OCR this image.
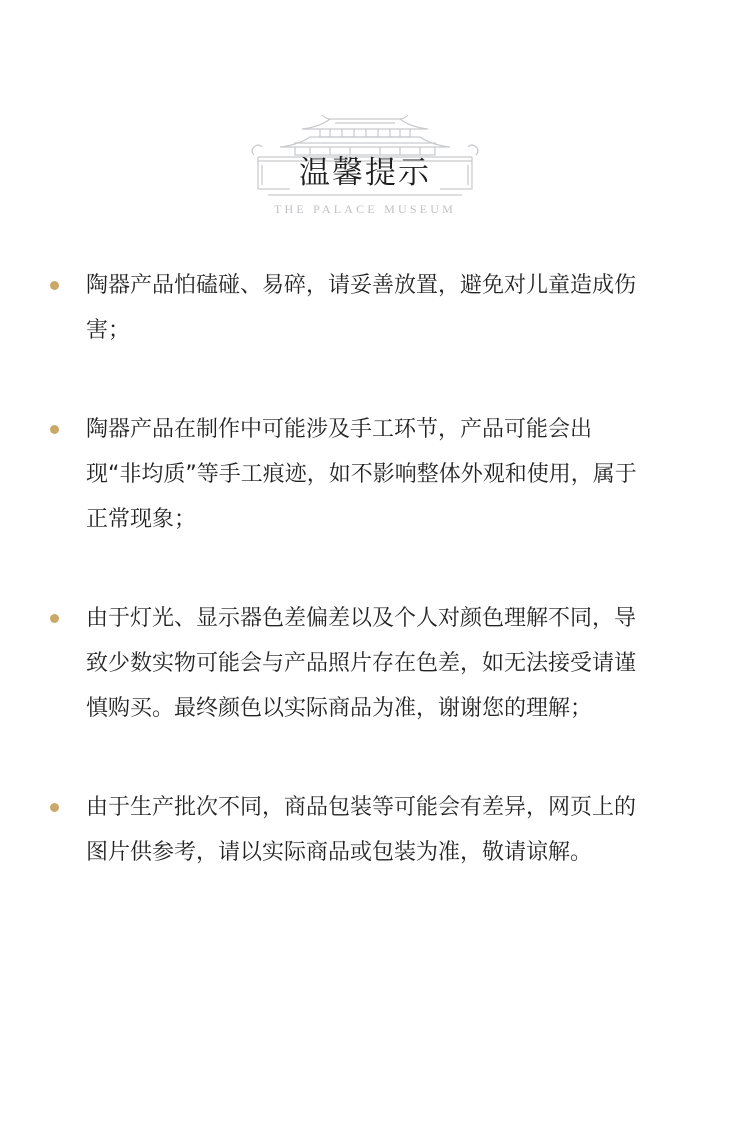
温馨提示
THE PALACE MUSEUM
陶器产品怕磕碰、易碎，请妥善放置，避免对儿童造成伤害；
陶器产品在制作中可能涉及手工环节，产品可能会出现“非均质”等手工痕迹，如不影响整体外观和使用，属于正常现象；
由于灯光、显示器色差偏差以及个人对颜色理解不同，导致少数实物可能会与产品照片存在色差，如无法接受请谨慎购买。最终颜色以实际商品为准，谢谢您的理解；
由于生产批次不同，商品包装等可能会有差异，网页上的图片供参考，请以实际商品或包装为准，敬请谅解。
